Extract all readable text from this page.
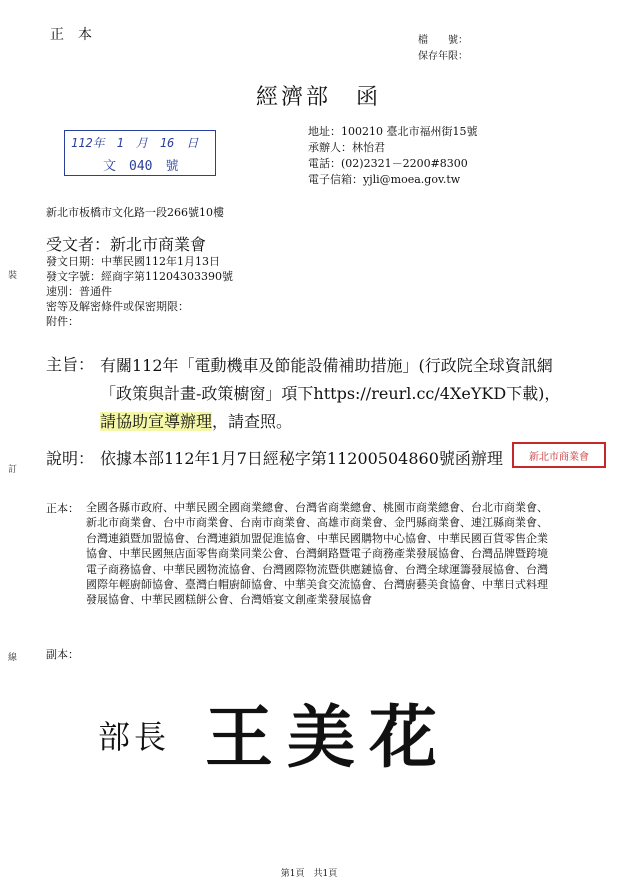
正本	檔　　號：
保存年限：
經濟部　函
112年　1　月　16　日
文　040　號
地址：100210 臺北市福州街15號
承辦人：林怡君
電話：(02)2321－2200#8300
電子信箱：yjli@moea.gov.tw
新北市板橋市文化路一段266號10樓
受文者：新北市商業會
發文日期：中華民國112年1月13日
發文字號：經商字第11204303390號
速別：普通件
密等及解密條件或保密期限：
附件：
主旨： 有關112年「電動機車及節能設備補助措施」(行政院全球資訊網「政策與計畫-政策櫥窗」項下https://reurl.cc/4XeYKD下載)，請協助宣導辦理，請查照。
說明： 依據本部112年1月7日經秘字第11200504860號函辦理	新北市商業會
正本： 全國各縣市政府、中華民國全國商業總會、台灣省商業總會、桃園市商業總會、台北市商業會、新北市商業會、台中市商業會、台南市商業會、高雄市商業會、金門縣商業會、連江縣商業會、台灣連鎖暨加盟協會、台灣連鎖加盟促進協會、中華民國購物中心協會、中華民國百貨零售企業協會、中華民國無店面零售商業同業公會、台灣網路暨電子商務產業發展協會、台灣品牌暨跨境電子商務協會、中華民國物流協會、台灣國際物流暨供應鏈協會、台灣全球運籌發展協會、台灣國際年輕廚師協會、臺灣白帽廚師協會、中華美食交流協會、台灣廚藝美食協會、中華日式料理發展協會、中華民國糕餅公會、台灣婚宴文創產業發展協會
副本：
部長 王美花
第1頁　共1頁
裝
訂
線
